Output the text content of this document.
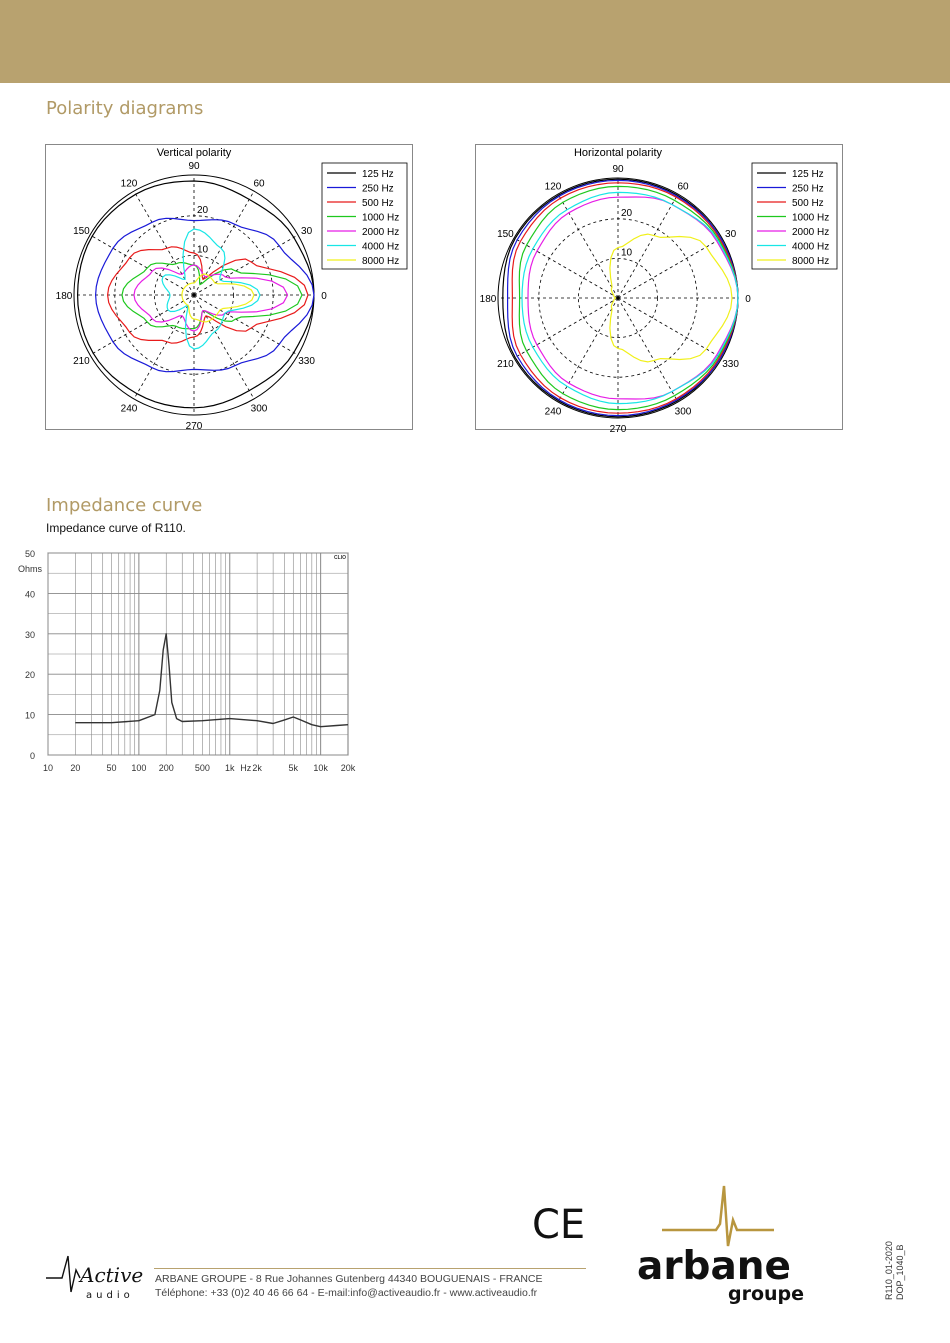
Polarity diagrams
Vertical polarity
20
10
90
60
30
0
330
300
270
240
210
180
150
120
125 Hz
250 Hz
500 Hz
1000 Hz
2000 Hz
4000 Hz
8000 Hz
Horizontal polarity
20
10
90
60
30
0
330
300
270
240
210
180
150
120
125 Hz
250 Hz
500 Hz
1000 Hz
2000 Hz
4000 Hz
8000 Hz
Impedance curve
Impedance curve of R110.
50
40
30
20
10
0
Ohms
10 20	50 100 200 500 1k Hz 2k	5k 10k 20k
CLIO
CE
Active
audio
ARBANE GROUPE - 8 Rue Johannes Gutenberg 44340 BOUGUENAIS - FRANCE
Téléphone: +33 (0)2 40 46 66 64 - E-mail:info@activeaudio.fr - www.activeaudio.fr
arbane
groupe	R110_01-2020 DOP_1040_B
